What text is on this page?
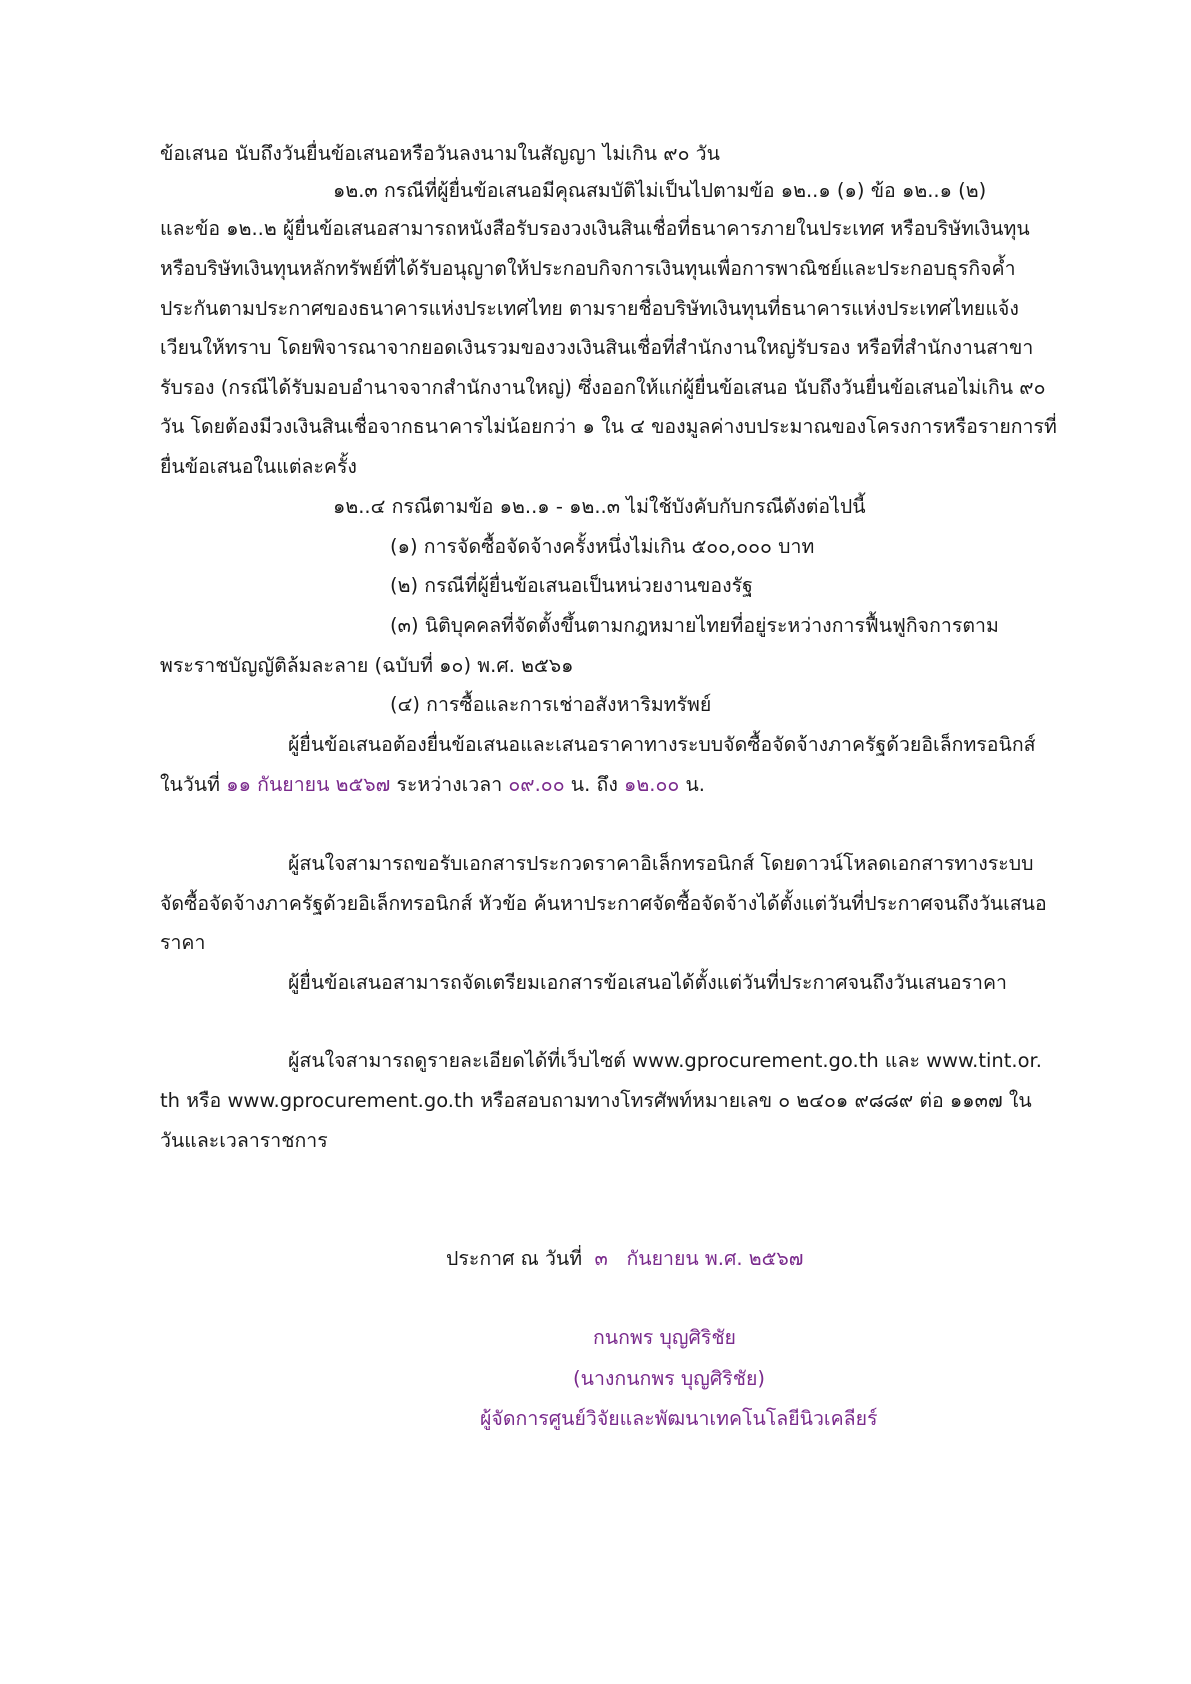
ข้อเสนอ นับถึงวันยื่นข้อเสนอหรือวันลงนามในสัญญา ไม่เกิน ๙๐ วัน
๑๒.๓ กรณีที่ผู้ยื่นข้อเสนอมีคุณสมบัติไม่เป็นไปตามข้อ ๑๒..๑ (๑) ข้อ ๑๒..๑ (๒)
และข้อ ๑๒..๒ ผู้ยื่นข้อเสนอสามารถหนังสือรับรองวงเงินสินเชื่อที่ธนาคารภายในประเทศ หรือบริษัทเงินทุน
หรือบริษัทเงินทุนหลักทรัพย์ที่ได้รับอนุญาตให้ประกอบกิจการเงินทุนเพื่อการพาณิชย์และประกอบธุรกิจค้ำ
ประกันตามประกาศของธนาคารแห่งประเทศไทย ตามรายชื่อบริษัทเงินทุนที่ธนาคารแห่งประเทศไทยแจ้ง
เวียนให้ทราบ โดยพิจารณาจากยอดเงินรวมของวงเงินสินเชื่อที่สำนักงานใหญ่รับรอง หรือที่สำนักงานสาขา
รับรอง (กรณีได้รับมอบอำนาจจากสำนักงานใหญ่) ซึ่งออกให้แก่ผู้ยื่นข้อเสนอ นับถึงวันยื่นข้อเสนอไม่เกิน ๙๐
วัน โดยต้องมีวงเงินสินเชื่อจากธนาคารไม่น้อยกว่า ๑ ใน ๔ ของมูลค่างบประมาณของโครงการหรือรายการที่
ยื่นข้อเสนอในแต่ละครั้ง
๑๒..๔ กรณีตามข้อ ๑๒..๑ - ๑๒..๓ ไม่ใช้บังคับกับกรณีดังต่อไปนี้
(๑) การจัดซื้อจัดจ้างครั้งหนึ่งไม่เกิน ๕๐๐,๐๐๐ บาท
(๒) กรณีที่ผู้ยื่นข้อเสนอเป็นหน่วยงานของรัฐ
(๓) นิติบุคคลที่จัดตั้งขึ้นตามกฎหมายไทยที่อยู่ระหว่างการฟื้นฟูกิจการตาม
พระราชบัญญัติล้มละลาย (ฉบับที่ ๑๐) พ.ศ. ๒๕๖๑
(๔) การซื้อและการเช่าอสังหาริมทรัพย์
ผู้ยื่นข้อเสนอต้องยื่นข้อเสนอและเสนอราคาทางระบบจัดซื้อจัดจ้างภาครัฐด้วยอิเล็กทรอนิกส์
ในวันที่ ๑๑ กันยายน ๒๕๖๗ ระหว่างเวลา ๐๙.๐๐ น. ถึง ๑๒.๐๐ น.
ผู้สนใจสามารถขอรับเอกสารประกวดราคาอิเล็กทรอนิกส์ โดยดาวน์โหลดเอกสารทางระบบ
จัดซื้อจัดจ้างภาครัฐด้วยอิเล็กทรอนิกส์ หัวข้อ ค้นหาประกาศจัดซื้อจัดจ้างได้ตั้งแต่วันที่ประกาศจนถึงวันเสนอ
ราคา
ผู้ยื่นข้อเสนอสามารถจัดเตรียมเอกสารข้อเสนอได้ตั้งแต่วันที่ประกาศจนถึงวันเสนอราคา
ผู้สนใจสามารถดูรายละเอียดได้ที่เว็บไซต์ www.gprocurement.go.th และ www.tint.or.
th หรือ www.gprocurement.go.th หรือสอบถามทางโทรศัพท์หมายเลข ๐ ๒๔๐๑ ๙๘๘๙ ต่อ ๑๑๓๗ ใน
วันและเวลาราชการ
ประกาศ ณ วันที่ ๓ กันยายน พ.ศ. ๒๕๖๗
กนกพร บุญศิริชัย
(นางกนกพร บุญศิริชัย)
ผู้จัดการศูนย์วิจัยและพัฒนาเทคโนโลยีนิวเคลียร์
